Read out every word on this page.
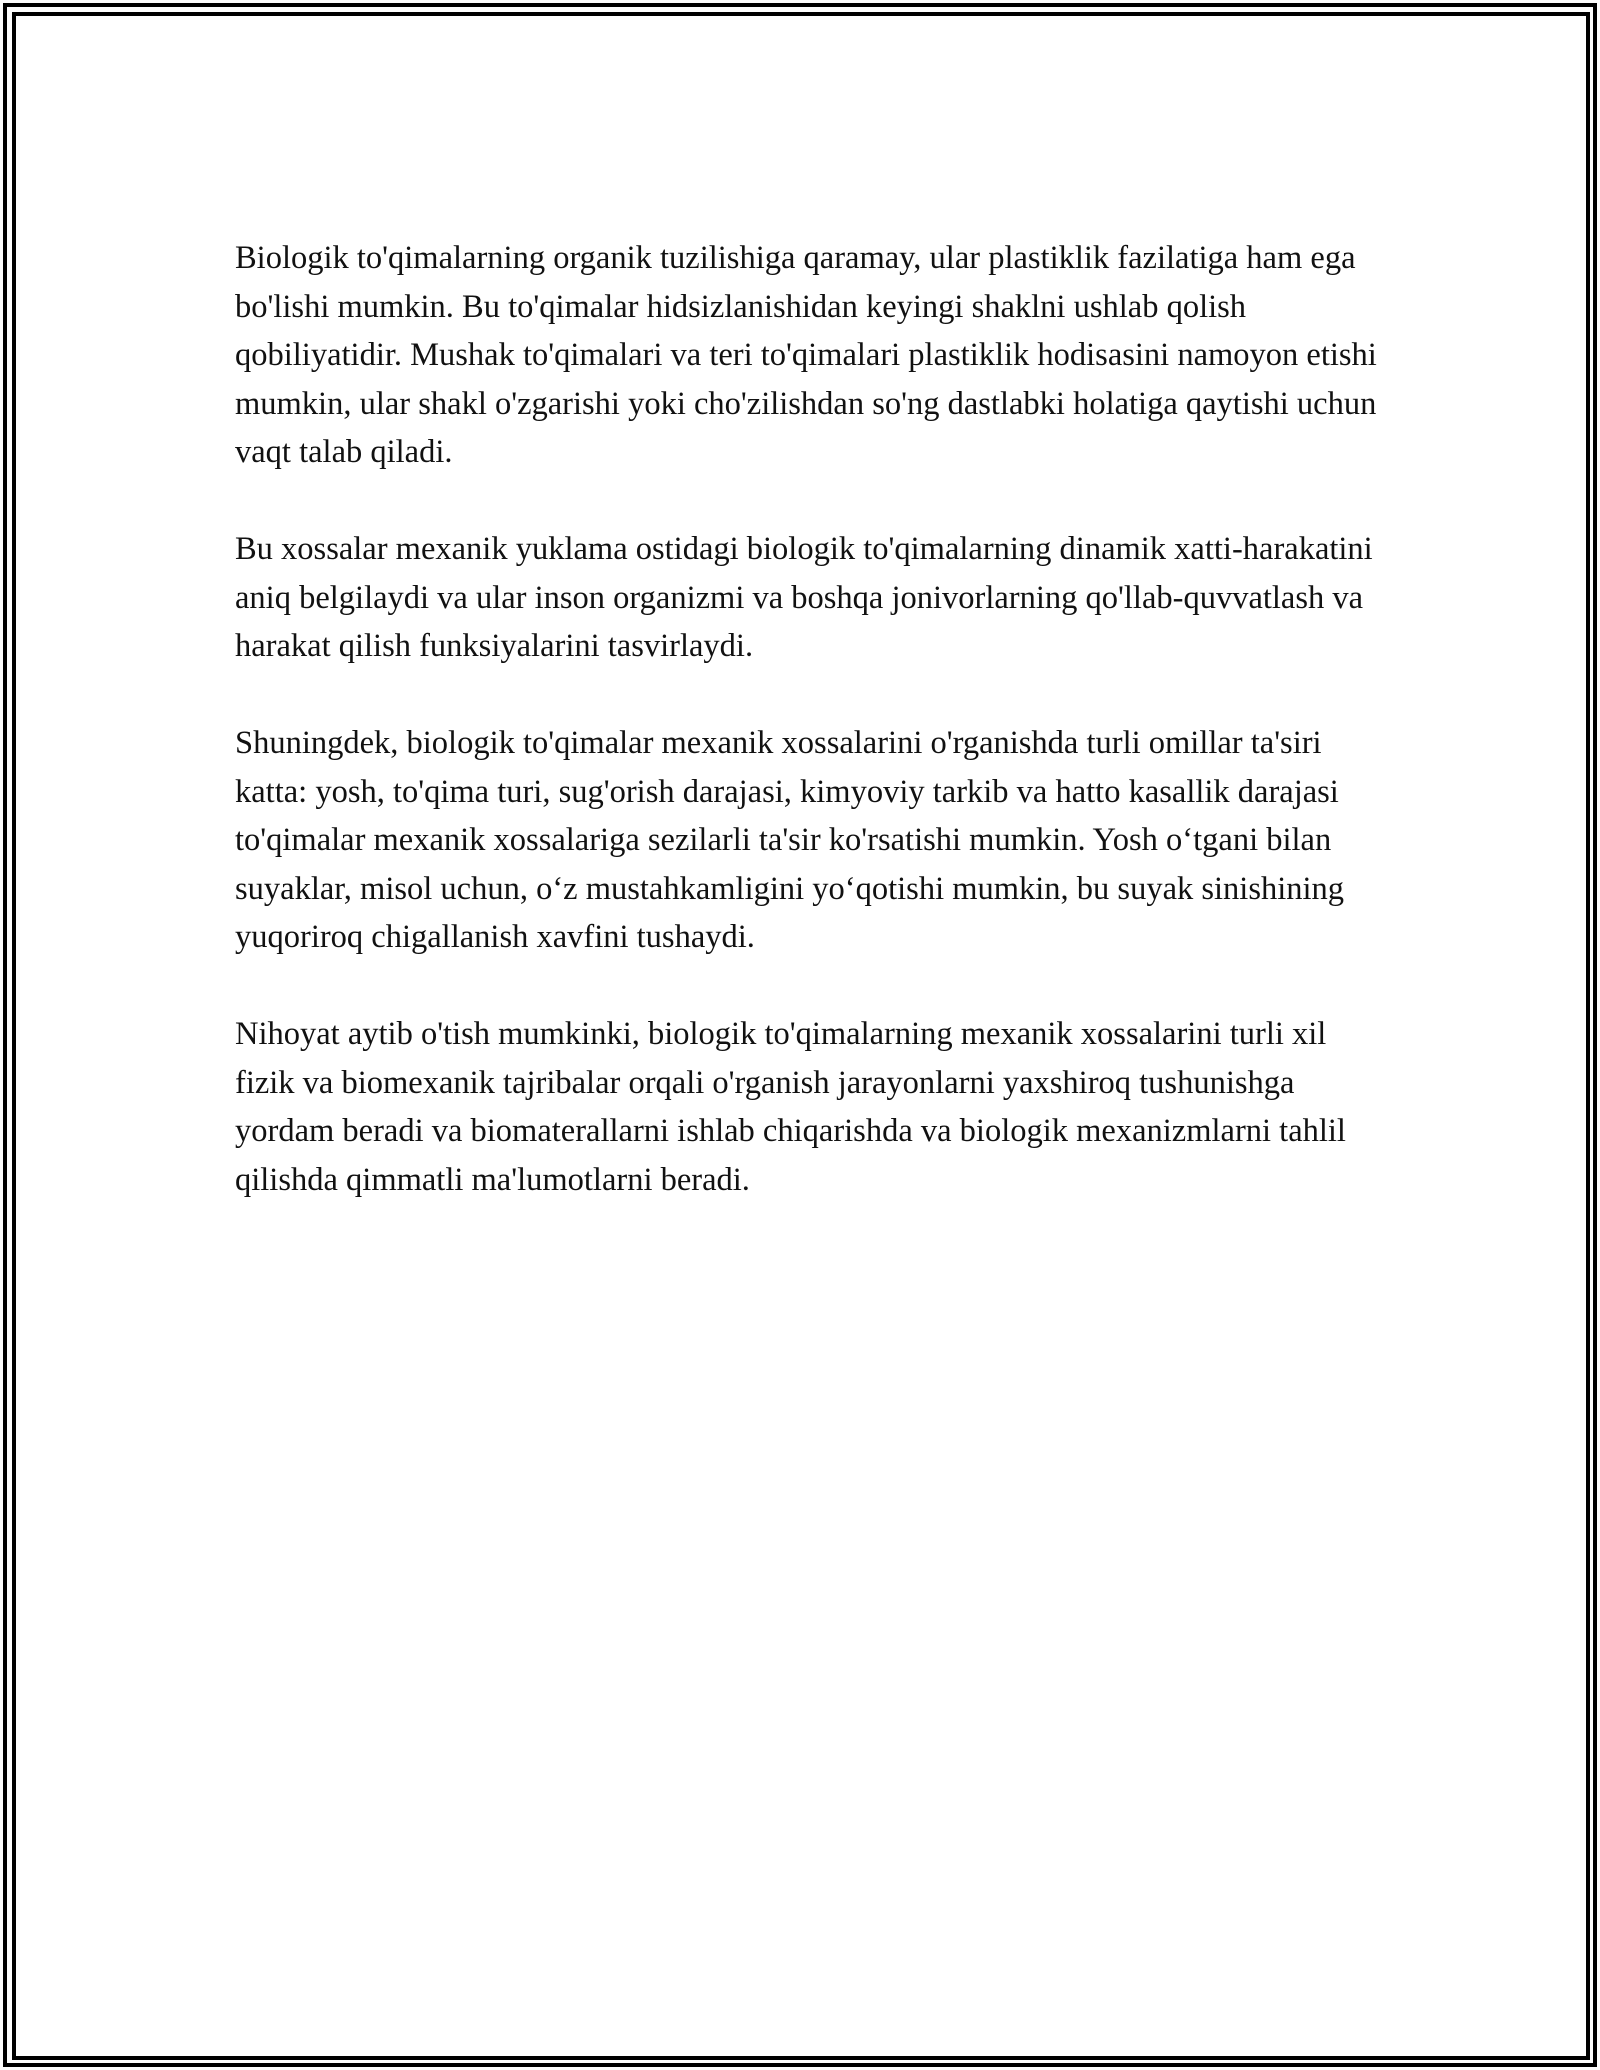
Biologik to'qimalarning organik tuzilishiga qaramay, ular plastiklik fazilatiga ham ega bo'lishi mumkin. Bu to'qimalar hidsizlanishidan keyingi shaklni ushlab qolish qobiliyatidir. Mushak to'qimalari va teri to'qimalari plastiklik hodisasini namoyon etishi mumkin, ular shakl o'zgarishi yoki cho'zilishdan so'ng dastlabki holatiga qaytishi uchun vaqt talab qiladi.

Bu xossalar mexanik yuklama ostidagi biologik to'qimalarning dinamik xatti-harakatini aniq belgilaydi va ular inson organizmi va boshqa jonivorlarning qo'llab-quvvatlash va harakat qilish funksiyalarini tasvirlaydi.

Shuningdek, biologik to'qimalar mexanik xossalarini o'rganishda turli omillar ta'siri katta: yosh, to'qima turi, sug'orish darajasi, kimyoviy tarkib va hatto kasallik darajasi to'qimalar mexanik xossalariga sezilarli ta'sir ko'rsatishi mumkin. Yosh o‘tgani bilan suyaklar, misol uchun, o‘z mustahkamligini yo‘qotishi mumkin, bu suyak sinishining yuqoriroq chigallanish xavfini tushaydi.

Nihoyat aytib o'tish mumkinki, biologik to'qimalarning mexanik xossalarini turli xil fizik va biomexanik tajribalar orqali o'rganish jarayonlarni yaxshiroq tushunishga yordam beradi va biomaterallarni ishlab chiqarishda va biologik mexanizmlarni tahlil qilishda qimmatli ma'lumotlarni beradi.
